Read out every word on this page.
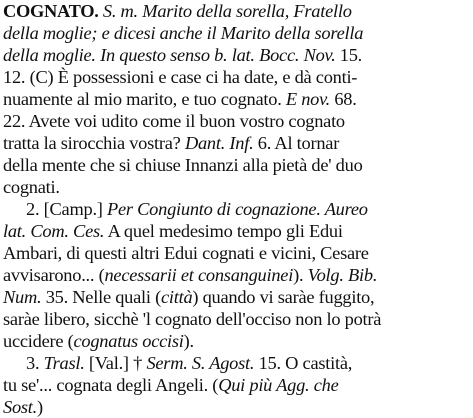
COGNATO. S. m. Marito della sorella, Fratello
della moglie; e dicesi anche il Marito della sorella
della moglie. In questo senso b. lat. Bocc. Nov. 15.
12. (C) È possessioni e case ci ha date, e dà conti-
nuamente al mio marito, e tuo cognato. E nov. 68.
22. Avete voi udito come il buon vostro cognato
tratta la sirocchia vostra? Dant. Inf. 6. Al tornar
della mente che si chiuse Innanzi alla pietà de' duo
cognati.
2. [Camp.] Per Congiunto di cognazione. Aureo
lat. Com. Ces. A quel medesimo tempo gli Edui
Ambari, di questi altri Edui cognati e vicini, Cesare
avvisarono... (necessarii et consanguinei). Volg. Bib.
Num. 35. Nelle quali (città) quando vi saràe fuggito,
saràe libero, sicchè 'l cognato dell'occiso non lo potrà
uccidere (cognatus occisi).
3. Trasl. [Val.] † Serm. S. Agost. 15. O castità,
tu se'... cognata degli Angeli. (Qui più Agg. che
Sost.)
